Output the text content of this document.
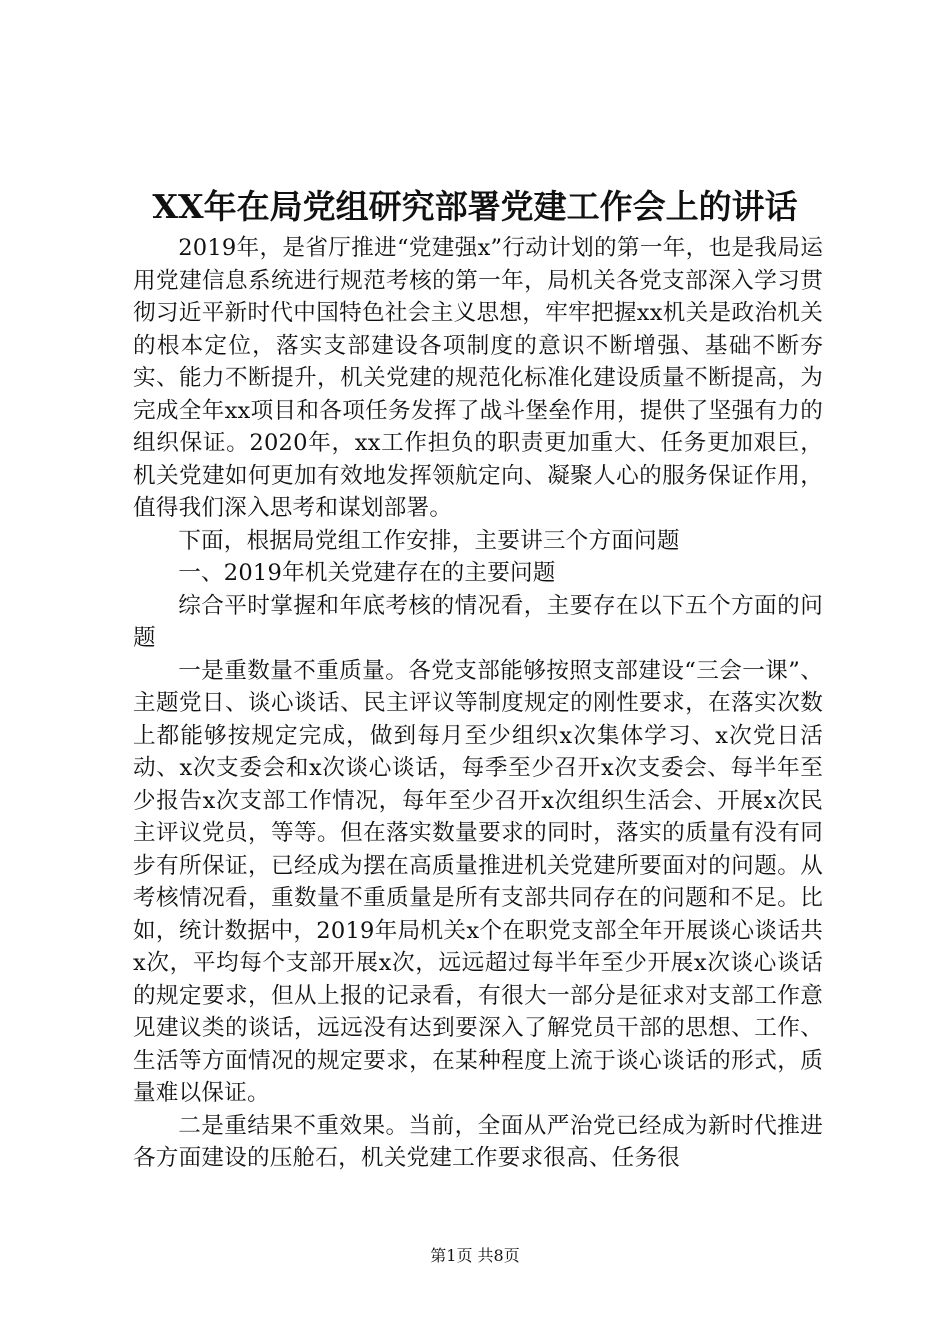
XX年在局党组研究部署党建工作会上的讲话

2019年，是省厅推进“党建强x”行动计划的第一年，也是我局运用党建信息系统进行规范考核的第一年，局机关各党支部深入学习贯彻习近平新时代中国特色社会主义思想，牢牢把握xx机关是政治机关的根本定位，落实支部建设各项制度的意识不断增强、基础不断夯实、能力不断提升，机关党建的规范化标准化建设质量不断提高，为完成全年xx项目和各项任务发挥了战斗堡垒作用，提供了坚强有力的组织保证。2020年，xx工作担负的职责更加重大、任务更加艰巨，机关党建如何更加有效地发挥领航定向、凝聚人心的服务保证作用，值得我们深入思考和谋划部署。

下面，根据局党组工作安排，主要讲三个方面问题

一、2019年机关党建存在的主要问题

综合平时掌握和年底考核的情况看，主要存在以下五个方面的问题

一是重数量不重质量。各党支部能够按照支部建设“三会一课”、主题党日、谈心谈话、民主评议等制度规定的刚性要求，在落实次数上都能够按规定完成，做到每月至少组织x次集体学习、x次党日活动、x次支委会和x次谈心谈话，每季至少召开x次支委会、每半年至少报告x次支部工作情况，每年至少召开x次组织生活会、开展x次民主评议党员，等等。但在落实数量要求的同时，落实的质量有没有同步有所保证，已经成为摆在高质量推进机关党建所要面对的问题。从考核情况看，重数量不重质量是所有支部共同存在的问题和不足。比如，统计数据中，2019年局机关x个在职党支部全年开展谈心谈话共x次，平均每个支部开展x次，远远超过每半年至少开展x次谈心谈话的规定要求，但从上报的记录看，有很大一部分是征求对支部工作意见建议类的谈话，远远没有达到要深入了解党员干部的思想、工作、生活等方面情况的规定要求，在某种程度上流于谈心谈话的形式，质量难以保证。

二是重结果不重效果。当前，全面从严治党已经成为新时代推进各方面建设的压舱石，机关党建工作要求很高、任务很

第1页 共8页
